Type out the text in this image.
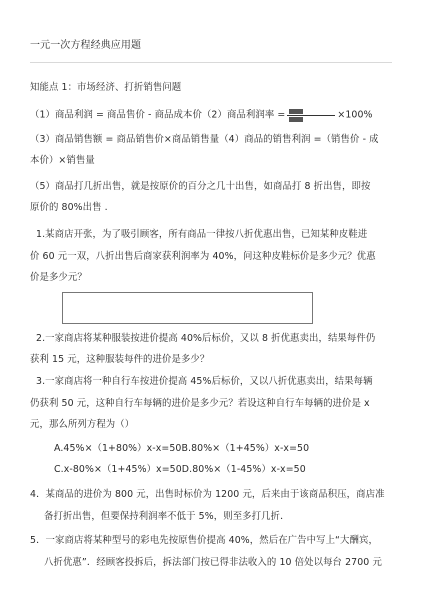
一元一次方程经典应用题
知能点 1：市场经济、打折销售问题
（1）商品利润 = 商品售价 - 商品成本价（2）商品利润率 =	×100%
（3）商品销售额 = 商品销售价×商品销售量（4）商品的销售利润 =（销售价 - 成
本价）×销售量
（5）商品打几折出售，就是按原价的百分之几十出售，如商品打 8 折出售，即按
原价的 80%出售 .
1.某商店开张，为了吸引顾客，所有商品一律按八折优惠出售，已知某种皮鞋进
价 60 元一双，八折出售后商家获利润率为 40%，问这种皮鞋标价是多少元？优惠
价是多少元？
2.一家商店将某种服装按进价提高 40%后标价，又以 8 折优惠卖出，结果每件仍
获利 15 元，这种服装每件的进价是多少？
3.一家商店将一种自行车按进价提高 45%后标价，又以八折优惠卖出，结果每辆
仍获利 50 元，这种自行车每辆的进价是多少元？若设这种自行车每辆的进价是 x
元，那么所列方程为（）
A.45%×（1+80%）x-x=50B.80%×（1+45%）x-x=50
C.x-80%×（1+45%）x=50D.80%×（1-45%）x-x=50
4．某商品的进价为 800 元，出售时标价为 1200 元，后来由于该商品积压，商店准
备打折出售，但要保持利润率不低于 5%，则至多打几折．
5．一家商店将某种型号的彩电先按原售价提高 40%，然后在广告中写上“大酬宾，
八折优惠”．经顾客投拆后，拆法部门按已得非法收入的 10 倍处以每台 2700 元
